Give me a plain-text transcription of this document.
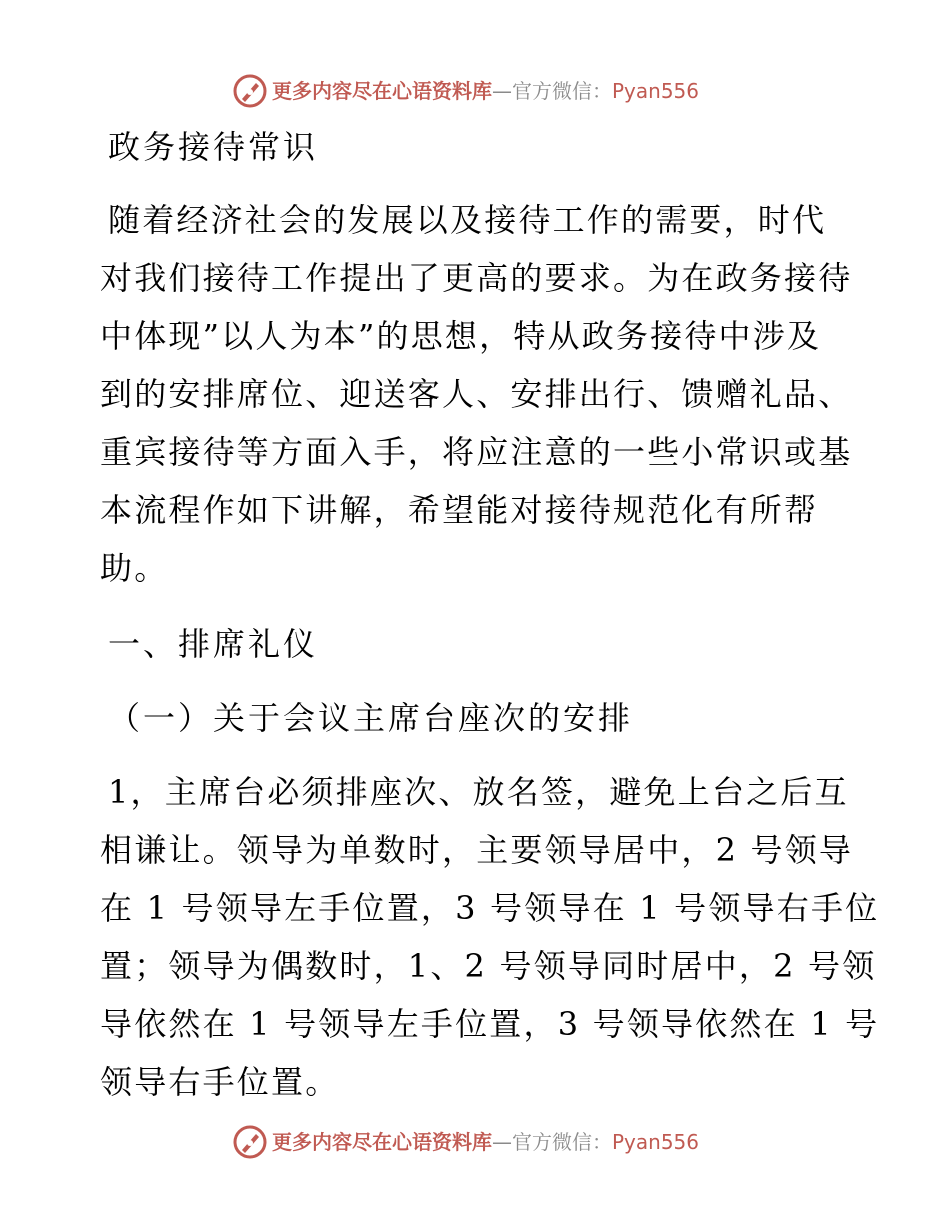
更多内容尽在心语资料库—官方微信：Pyan556
政务接待常识
随着经济社会的发展以及接待工作的需要，时代
对我们接待工作提出了更高的要求。为在政务接待
中体现”以人为本”的思想，特从政务接待中涉及
到的安排席位、迎送客人、安排出行、馈赠礼品、
重宾接待等方面入手，将应注意的一些小常识或基
本流程作如下讲解，希望能对接待规范化有所帮
助。
一、排席礼仪
（一）关于会议主席台座次的安排
1，主席台必须排座次、放名签，避免上台之后互
相谦让。领导为单数时，主要领导居中，2 号领导
在 1 号领导左手位置，3 号领导在 1 号领导右手位
置；领导为偶数时，1、2 号领导同时居中，2 号领
导依然在 1 号领导左手位置，3 号领导依然在 1 号
领导右手位置。
更多内容尽在心语资料库—官方微信：Pyan556
